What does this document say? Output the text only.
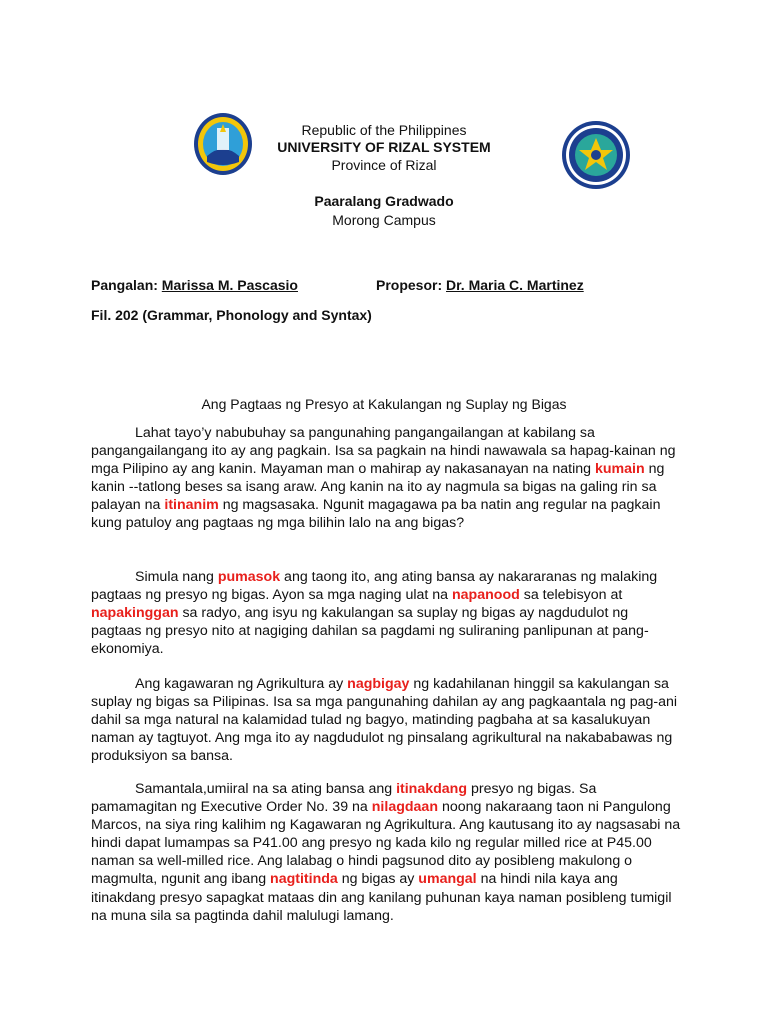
Republic of the Philippines
UNIVERSITY OF RIZAL SYSTEM
Province of Rizal
Paaralang Gradwado
Morong Campus
Pangalan: Marissa M. Pascasio	Propesor: Dr. Maria C. Martinez
Fil. 202 (Grammar, Phonology and Syntax)
Ang Pagtaas ng Presyo at Kakulangan ng Suplay ng Bigas

Lahat tayo’y nabubuhay sa pangunahing pangangailangan at kabilang sa pangangailangang ito ay ang pagkain. Isa sa pagkain na hindi nawawala sa hapag-kainan ng mga Pilipino ay ang kanin. Mayaman man o mahirap ay nakasanayan na nating kumain ng kanin --tatlong beses sa isang araw. Ang kanin na ito ay nagmula sa bigas na galing rin sa palayan na itinanim ng magsasaka. Ngunit magagawa pa ba natin ang regular na pagkain kung patuloy ang pagtaas ng mga bilihin lalo na ang bigas?

Simula nang pumasok ang taong ito, ang ating bansa ay nakararanas ng malaking pagtaas ng presyo ng bigas. Ayon sa mga naging ulat na napanood sa telebisyon at napakinggan sa radyo, ang isyu ng kakulangan sa suplay ng bigas ay nagdudulot ng pagtaas ng presyo nito at nagiging dahilan sa pagdami ng suliraning panlipunan at pang-ekonomiya.

Ang kagawaran ng Agrikultura ay nagbigay ng kadahilanan hinggil sa kakulangan sa suplay ng bigas sa Pilipinas. Isa sa mga pangunahing dahilan ay ang pagkaantala ng pag-ani dahil sa mga natural na kalamidad tulad ng bagyo, matinding pagbaha at sa kasalukuyan naman ay tagtuyot. Ang mga ito ay nagdudulot ng pinsalang agrikultural na nakababawas ng produksiyon sa bansa.

Samantala,umiiral na sa ating bansa ang itinakdang presyo ng bigas. Sa pamamagitan ng Executive Order No. 39 na nilagdaan noong nakaraang taon ni Pangulong Marcos, na siya ring kalihim ng Kagawaran ng Agrikultura. Ang kautusang ito ay nagsasabi na hindi dapat lumampas sa P41.00 ang presyo ng kada kilo ng regular milled rice at P45.00 naman sa well-milled rice. Ang lalabag o hindi pagsunod dito ay posibleng makulong o magmulta, ngunit ang ibang nagtitinda ng bigas ay umangal na hindi nila kaya ang itinakdang presyo sapagkat mataas din ang kanilang puhunan kaya naman posibleng tumigil na muna sila sa pagtinda dahil malulugi lamang.
